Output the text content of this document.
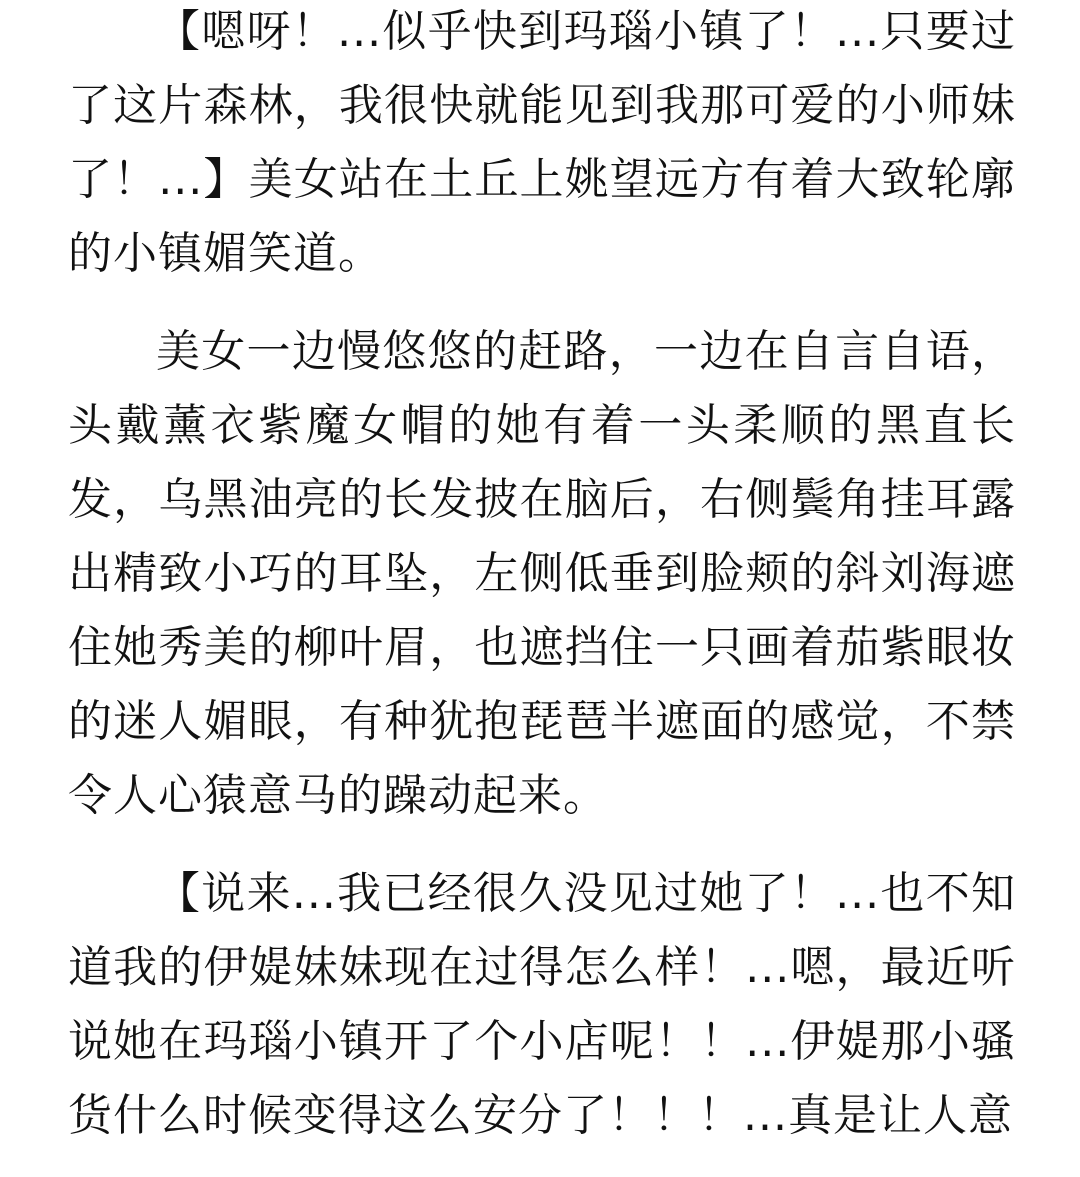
【嗯呀！...似乎快到玛瑙小镇了！...只要过了这片森林，我很快就能见到我那可爱的小师妹了！...】美女站在土丘上姚望远方有着大致轮廓的小镇媚笑道。

美女一边慢悠悠的赶路，一边在自言自语，头戴薰衣紫魔女帽的她有着一头柔顺的黑直长发，乌黑油亮的长发披在脑后，右侧鬓角挂耳露出精致小巧的耳坠，左侧低垂到脸颊的斜刘海遮住她秀美的柳叶眉，也遮挡住一只画着茄紫眼妆的迷人媚眼，有种犹抱琵琶半遮面的感觉，不禁令人心猿意马的躁动起来。

【说来...我已经很久没见过她了！...也不知道我的伊媞妹妹现在过得怎么样！...嗯，最近听说她在玛瑙小镇开了个小店呢！！...伊媞那小骚货什么时候变得这么安分了！！！...真是让人意
